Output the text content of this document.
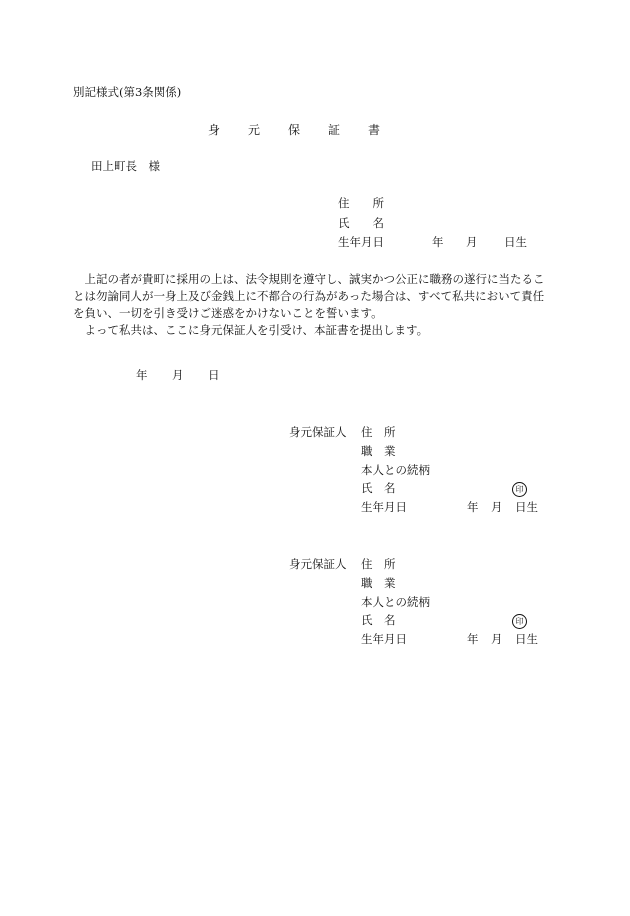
別記様式(第3条関係)
身	元	保	証	書
田上町長　様
住　　所
氏　　名
生年月日	年 月 日生

上記の者が貴町に採用の上は、法令規則を遵守し、誠実かつ公正に職務の遂行に当たることは勿論同人が一身上及び金銭上に不都合の行為があった場合は、すべて私共において責任を負い、一切を引き受けご迷惑をかけないことを誓います。

よって私共は、ここに身元保証人を引受け、本証書を提出します。

年 月 日
身元保証人 住　所
職　業
本人との続柄
氏　名	印
生年月日	年 月 日生
身元保証人 住　所
職　業
本人との続柄
氏　名	印
生年月日	年 月 日生
